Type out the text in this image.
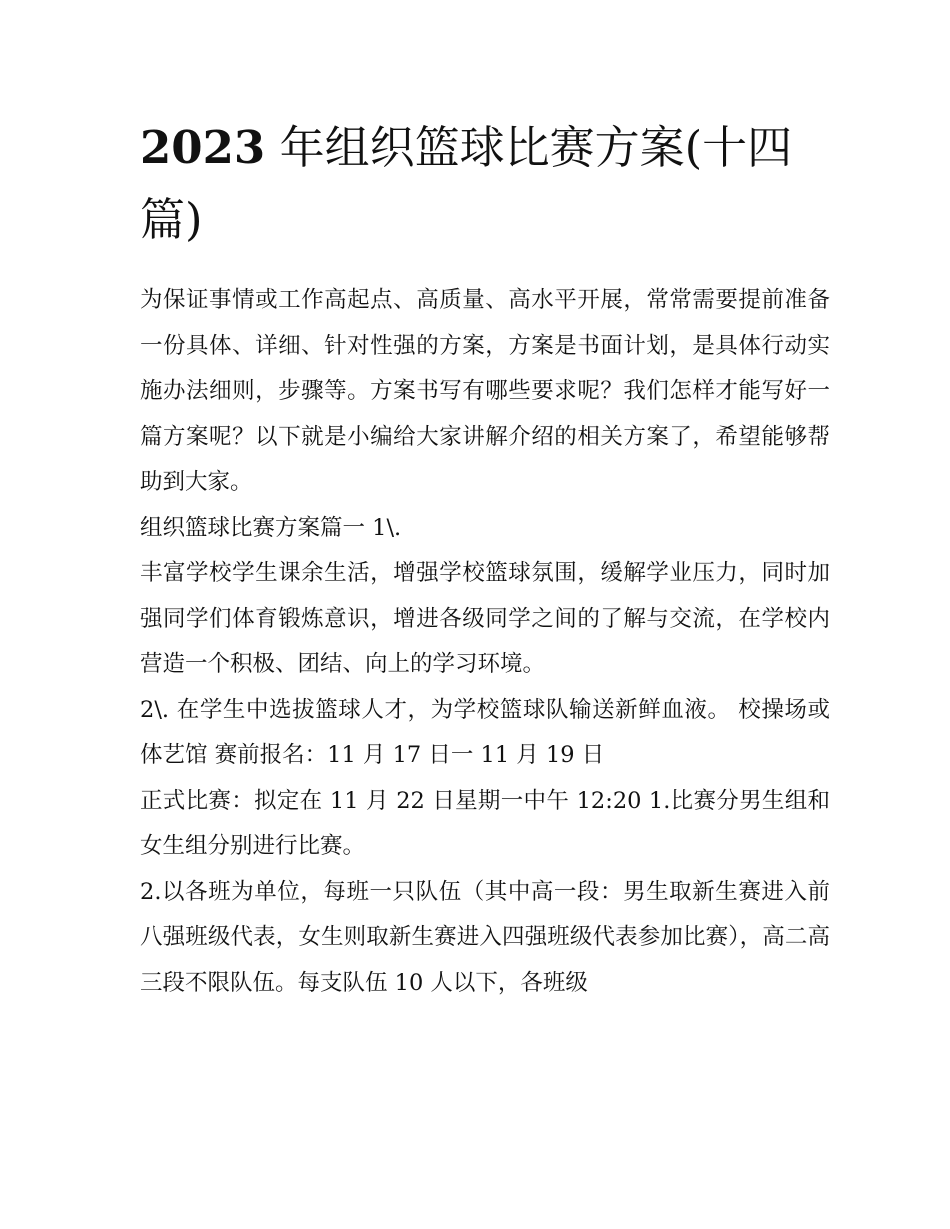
2023 年组织篮球比赛方案(十四篇)

为保证事情或工作高起点、高质量、高水平开展，常常需要提前准备一份具体、详细、针对性强的方案，方案是书面计划，是具体行动实施办法细则，步骤等。方案书写有哪些要求呢？我们怎样才能写好一篇方案呢？以下就是小编给大家讲解介绍的相关方案了，希望能够帮助到大家。

组织篮球比赛方案篇一 1\.

丰富学校学生课余生活，增强学校篮球氛围，缓解学业压力，同时加强同学们体育锻炼意识，增进各级同学之间的了解与交流，在学校内营造一个积极、团结、向上的学习环境。

2\. 在学生中选拔篮球人才，为学校篮球队输送新鲜血液。 校操场或体艺馆 赛前报名：11 月 17 日一 11 月 19 日

正式比赛：拟定在 11 月 22 日星期一中午 12:20 1.比赛分男生组和女生组分别进行比赛。

2.以各班为单位，每班一只队伍（其中高一段：男生取新生赛进入前八强班级代表，女生则取新生赛进入四强班级代表参加比赛），高二高三段不限队伍。每支队伍 10 人以下，各班级
